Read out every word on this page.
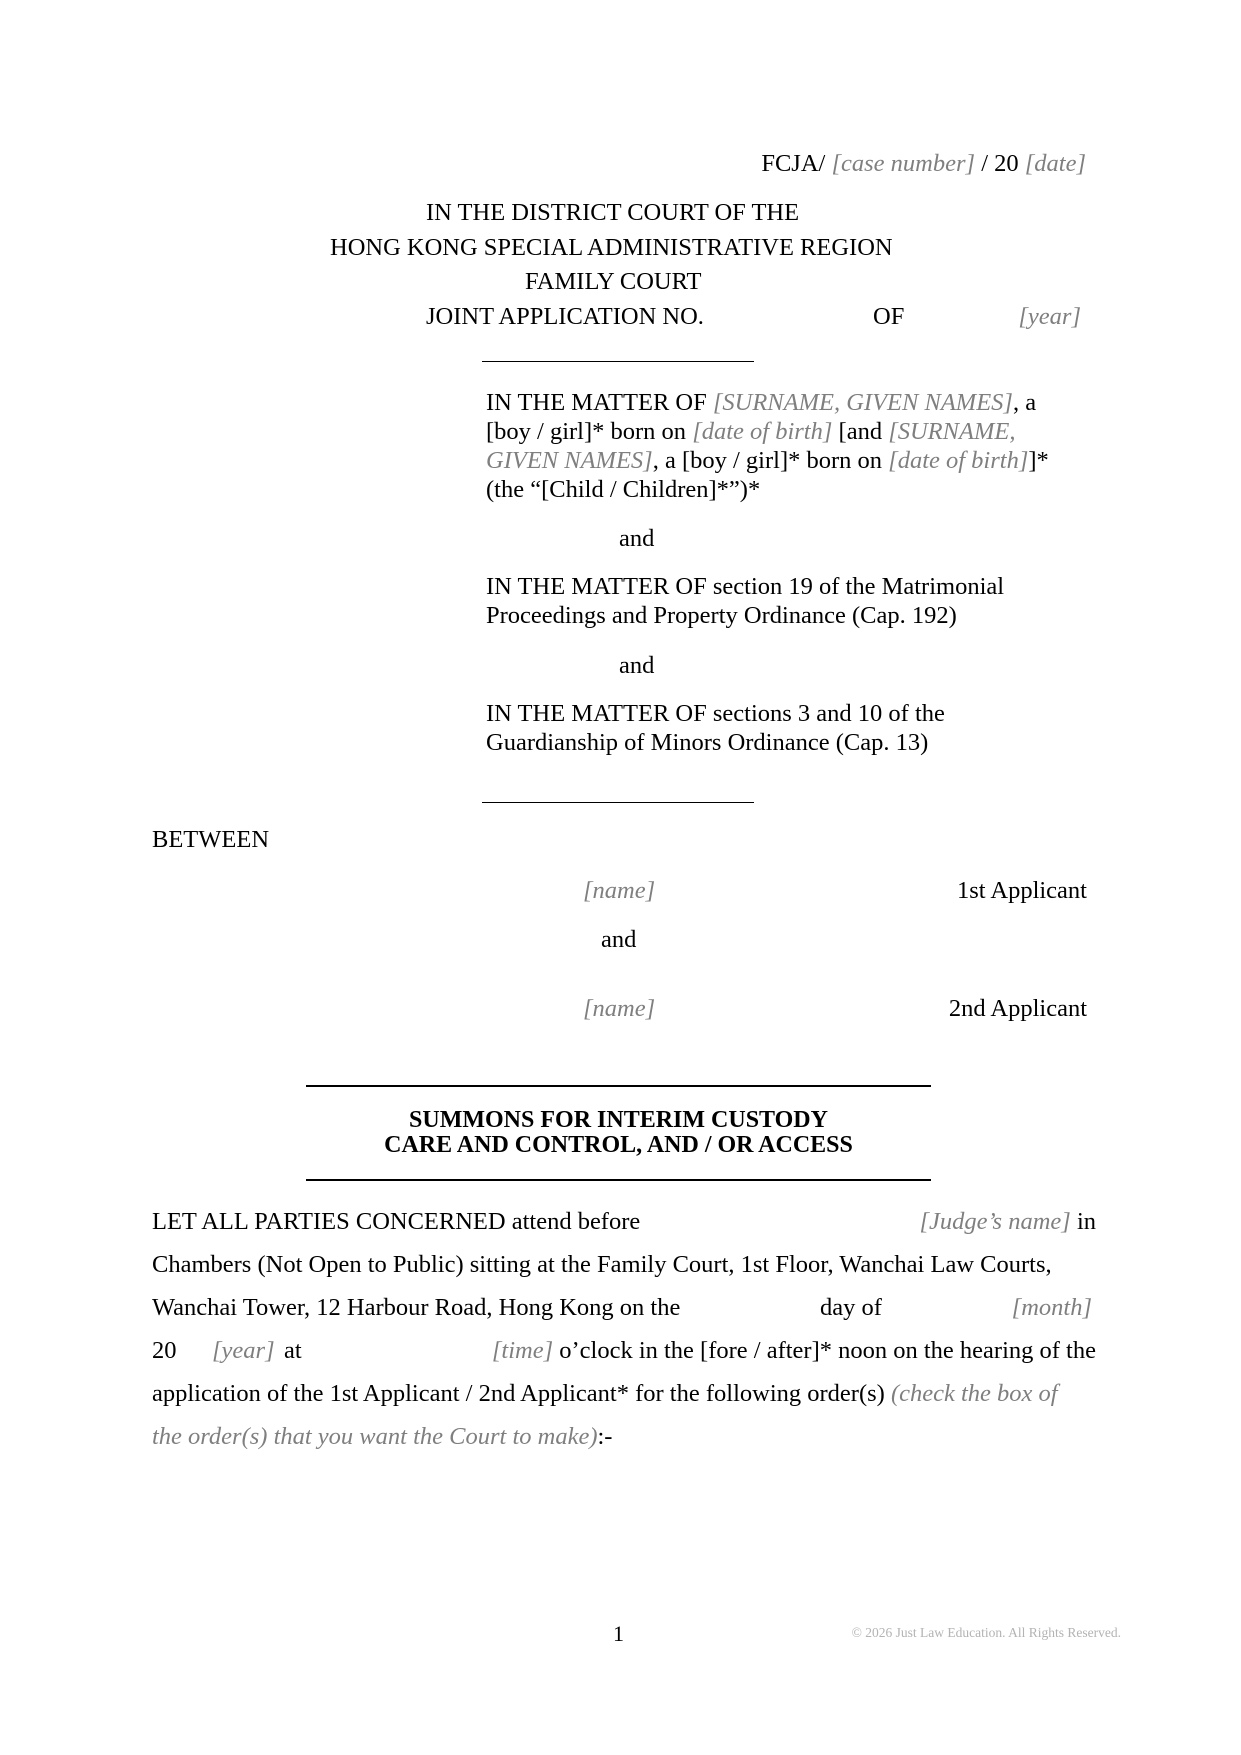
FCJA/ [case number] / 20 [date]
IN THE DISTRICT COURT OF THE
HONG KONG SPECIAL ADMINISTRATIVE REGION
FAMILY COURT
JOINT APPLICATION NO.	OF	[year]
IN THE MATTER OF [SURNAME, GIVEN NAMES], a
[boy / girl]* born on [date of birth] [and [SURNAME,
GIVEN NAMES], a [boy / girl]* born on [date of birth]]*
(the “[Child / Children]*”)*
and
IN THE MATTER OF section 19 of the Matrimonial
Proceedings and Property Ordinance (Cap. 192)
and
IN THE MATTER OF sections 3 and 10 of the
Guardianship of Minors Ordinance (Cap. 13)
BETWEEN
[name]	1st Applicant
and
[name]	2nd Applicant
SUMMONS FOR INTERIM CUSTODY
CARE AND CONTROL, AND / OR ACCESS
LET ALL PARTIES CONCERNED attend before	[Judge’s name] in
Chambers (Not Open to Public) sitting at the Family Court, 1st Floor, Wanchai Law Courts,
Wanchai Tower, 12 Harbour Road, Hong Kong on the	day of	[month]
20 [year] at	[time] o’clock in the [fore / after]* noon on the hearing of the
application of the 1st Applicant / 2nd Applicant* for the following order(s) (check the box of
the order(s) that you want the Court to make):-
1	© 2026 Just Law Education. All Rights Reserved.
